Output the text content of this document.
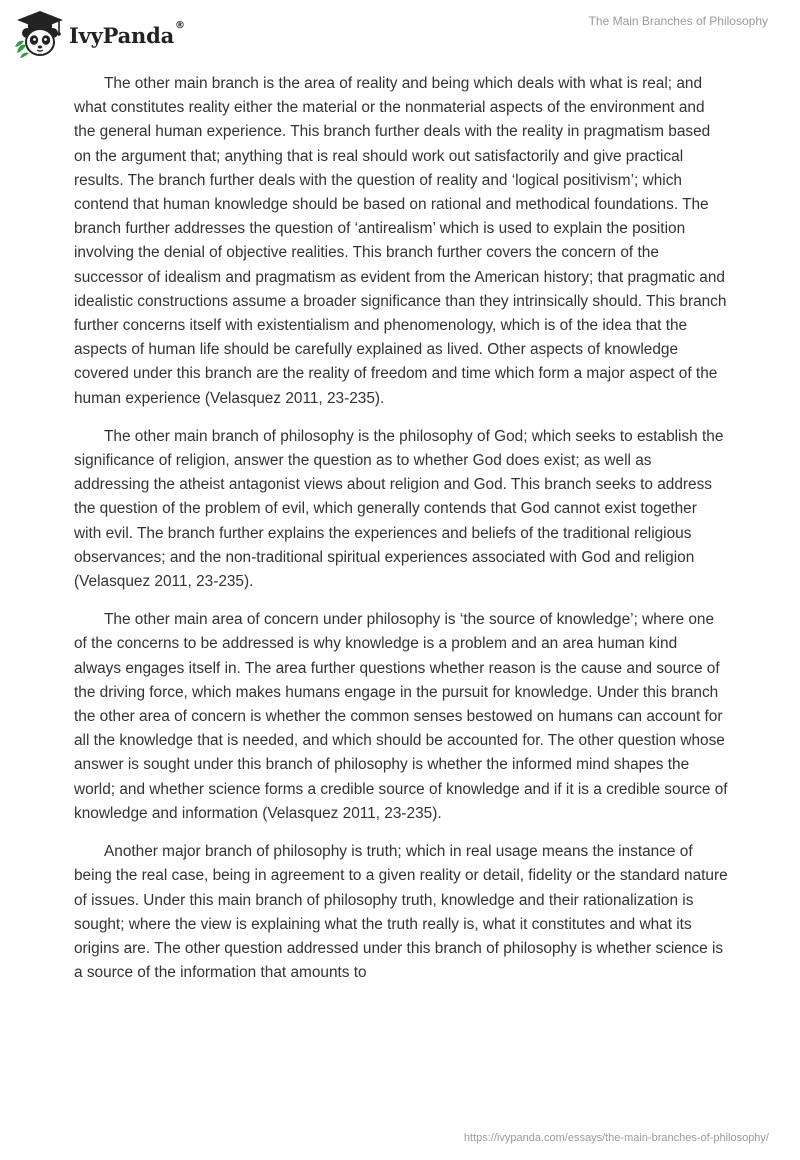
IvyPanda®	The Main Branches of Philosophy

The other main branch is the area of reality and being which deals with what is real; and what constitutes reality either the material or the nonmaterial aspects of the environment and the general human experience. This branch further deals with the reality in pragmatism based on the argument that; anything that is real should work out satisfactorily and give practical results. The branch further deals with the question of reality and ‘logical positivism’; which contend that human knowledge should be based on rational and methodical foundations. The branch further addresses the question of ‘antirealism’ which is used to explain the position involving the denial of objective realities. This branch further covers the concern of the successor of idealism and pragmatism as evident from the American history; that pragmatic and idealistic constructions assume a broader significance than they intrinsically should. This branch further concerns itself with existentialism and phenomenology, which is of the idea that the aspects of human life should be carefully explained as lived. Other aspects of knowledge covered under this branch are the reality of freedom and time which form a major aspect of the human experience (Velasquez 2011, 23-235).

The other main branch of philosophy is the philosophy of God; which seeks to establish the significance of religion, answer the question as to whether God does exist; as well as addressing the atheist antagonist views about religion and God. This branch seeks to address the question of the problem of evil, which generally contends that God cannot exist together with evil. The branch further explains the experiences and beliefs of the traditional religious observances; and the non-traditional spiritual experiences associated with God and religion (Velasquez 2011, 23-235).

The other main area of concern under philosophy is ‘the source of knowledge’; where one of the concerns to be addressed is why knowledge is a problem and an area human kind always engages itself in. The area further questions whether reason is the cause and source of the driving force, which makes humans engage in the pursuit for knowledge. Under this branch the other area of concern is whether the common senses bestowed on humans can account for all the knowledge that is needed, and which should be accounted for. The other question whose answer is sought under this branch of philosophy is whether the informed mind shapes the world; and whether science forms a credible source of knowledge and if it is a credible source of knowledge and information (Velasquez 2011, 23-235).

Another major branch of philosophy is truth; which in real usage means the instance of being the real case, being in agreement to a given reality or detail, fidelity or the standard nature of issues. Under this main branch of philosophy truth, knowledge and their rationalization is sought; where the view is explaining what the truth really is, what it constitutes and what its origins are. The other question addressed under this branch of philosophy is whether science is a source of the information that amounts to

https://ivypanda.com/essays/the-main-branches-of-philosophy/
